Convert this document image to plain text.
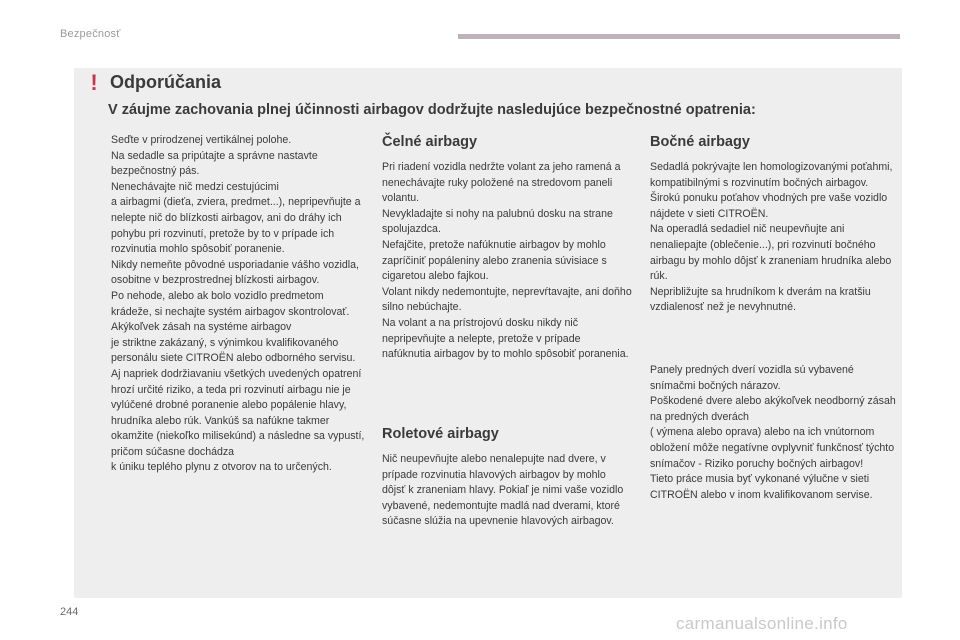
Bezpečnosť
! Odporúčania
V záujme zachovania plnej účinnosti airbagov dodržujte nasledujúce bezpečnostné opatrenia:

Seďte v prirodzenej vertikálnej polohe.
Na sedadle sa pripútajte a správne nastavte bezpečnostný pás.
Nenechávajte nič medzi cestujúcimi
a airbagmi (dieťa, zviera, predmet...), nepripevňujte a nelepte nič do blízkosti airbagov, ani do dráhy ich pohybu pri rozvinutí, pretože by to v prípade ich rozvinutia mohlo spôsobiť poranenie.
Nikdy nemeňte pôvodné usporiadanie vášho vozidla, osobitne v bezprostrednej blízkosti airbagov.
Po nehode, alebo ak bolo vozidlo predmetom krádeže, si nechajte systém airbagov skontrolovať.
Akýkoľvek zásah na systéme airbagov
je striktne zakázaný, s výnimkou kvalifikovaného personálu siete CITROËN alebo odborného servisu.
Aj napriek dodržiavaniu všetkých uvedených opatrení hrozí určité riziko, a teda pri rozvinutí airbagu nie je vylúčené drobné poranenie alebo popálenie hlavy, hrudníka alebo rúk. Vankúš sa nafúkne takmer okamžite (niekoľko milisekúnd) a následne sa vypustí, pričom súčasne dochádza
k úniku teplého plynu z otvorov na to určených.

Čelné airbagy

Pri riadení vozidla nedržte volant za jeho ramená a nenechávajte ruky položené na stredovom paneli volantu.
Nevykladajte si nohy na palubnú dosku na strane spolujazdca.
Nefajčite, pretože nafúknutie airbagov by mohlo zapríčiniť popáleniny alebo zranenia súvisiace s cigaretou alebo fajkou.
Volant nikdy nedemontujte, neprevŕtavajte, ani doňho silno nebúchajte.
Na volant a na prístrojovú dosku nikdy nič nepripevňujte a nelepte, pretože v prípade nafúknutia airbagov by to mohlo spôsobiť poranenia.

Roletové airbagy

Nič neupevňujte alebo nenalepujte nad dvere, v prípade rozvinutia hlavových airbagov by mohlo dôjsť k zraneniam hlavy. Pokiaľ je nimi vaše vozidlo vybavené, nedemontujte madlá nad dverami, ktoré súčasne slúžia na upevnenie hlavových airbagov.

Bočné airbagy

Sedadlá pokrývajte len homologizovanými poťahmi, kompatibilnými s rozvinutím bočných airbagov. Širokú ponuku poťahov vhodných pre vaše vozidlo nájdete v sieti CITROËN.
Na operadlá sedadiel nič neupevňujte ani nenaliepajte (oblečenie...), pri rozvinutí bočného airbagu by mohlo dôjsť k zraneniam hrudníka alebo rúk.
Nepribližujte sa hrudníkom k dverám na kratšiu vzdialenosť než je nevyhnutné.

Panely predných dverí vozidla sú vybavené snímačmi bočných nárazov.
Poškodené dvere alebo akýkoľvek neodborný zásah na predných dverách
( výmena alebo oprava) alebo na ich vnútornom obložení môže negatívne ovplyvniť funkčnosť týchto snímačov - Riziko poruchy bočných airbagov!
Tieto práce musia byť vykonané výlučne v sieti CITROËN alebo v inom kvalifikovanom servise.

244
carmanualsonline.info
